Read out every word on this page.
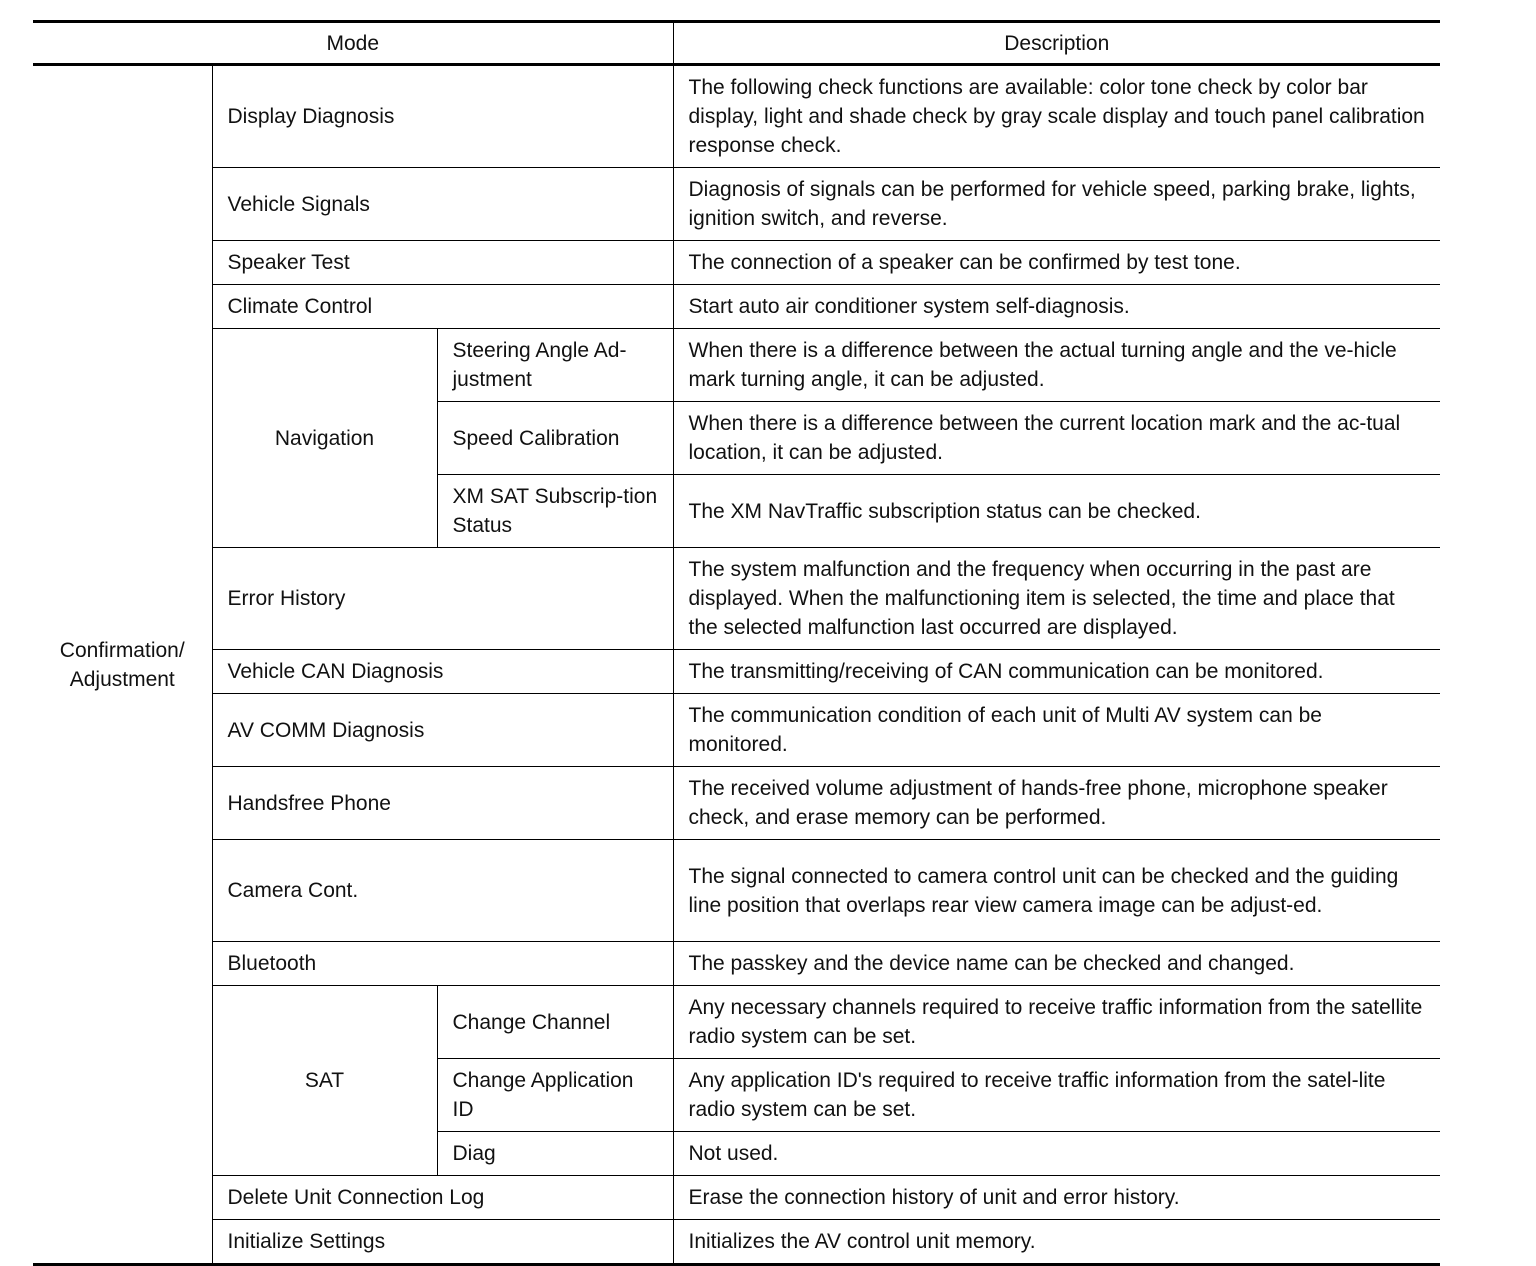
Mode			Description
Confirmation/ Adjustment	Display Diagnosis		The following check functions are available: color tone check by color bar display, light and shade check by gray scale display and touch panel calibration response check.
	Vehicle Signals		Diagnosis of signals can be performed for vehicle speed, parking brake, lights, ignition switch, and reverse.
	Speaker Test		The connection of a speaker can be confirmed by test tone.
	Climate Control		Start auto air conditioner system self-diagnosis.
	Navigation	Steering Angle Ad-justment	When there is a difference between the actual turning angle and the ve-hicle mark turning angle, it can be adjusted.
		Speed Calibration	When there is a difference between the current location mark and the ac-tual location, it can be adjusted.
		XM SAT Subscrip-tion Status	The XM NavTraffic subscription status can be checked.
	Error History		The system malfunction and the frequency when occurring in the past are displayed. When the malfunctioning item is selected, the time and place that the selected malfunction last occurred are displayed.
	Vehicle CAN Diagnosis		The transmitting/receiving of CAN communication can be monitored.
	AV COMM Diagnosis		The communication condition of each unit of Multi AV system can be monitored.
	Handsfree Phone		The received volume adjustment of hands-free phone, microphone speaker check, and erase memory can be performed.
	Camera Cont.		The signal connected to camera control unit can be checked and the guiding line position that overlaps rear view camera image can be adjust-ed.
	Bluetooth		The passkey and the device name can be checked and changed.
	SAT	Change Channel	Any necessary channels required to receive traffic information from the satellite radio system can be set.
		Change Application ID	Any application ID's required to receive traffic information from the satel-lite radio system can be set.
		Diag	Not used.
	Delete Unit Connection Log		Erase the connection history of unit and error history.
	Initialize Settings		Initializes the AV control unit memory.
